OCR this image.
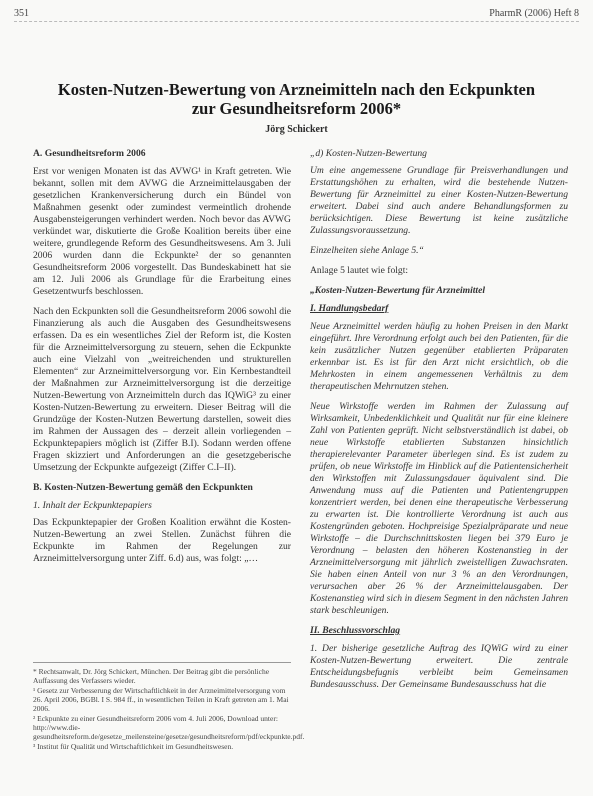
351	PharmR (2006) Heft 8
Kosten-Nutzen-Bewertung von Arzneimitteln nach den Eckpunkten
zur Gesundheitsreform 2006*
Jörg Schickert
A. Gesundheitsreform 2006

Erst vor wenigen Monaten ist das AVWG¹ in Kraft getreten. Wie bekannt, sollen mit dem AVWG die Arzneimittelausgaben der gesetzlichen Krankenversicherung durch ein Bündel von Maßnahmen gesenkt oder zumindest vermeintlich drohende Ausgabensteigerungen verhindert werden. Noch bevor das AVWG verkündet war, diskutierte die Große Koalition bereits über eine weitere, grundlegende Reform des Gesundheitswesens. Am 3. Juli 2006 wurden dann die Eckpunkte² der so genannten Gesundheitsreform 2006 vorgestellt. Das Bundeskabinett hat sie am 12. Juli 2006 als Grundlage für die Erarbeitung eines Gesetzentwurfs beschlossen.

Nach den Eckpunkten soll die Gesundheitsreform 2006 sowohl die Finanzierung als auch die Ausgaben des Gesundheitswesens erfassen. Da es ein wesentliches Ziel der Reform ist, die Kosten für die Arzneimittelversorgung zu steuern, sehen die Eckpunkte auch eine Vielzahl von „weitreichenden und strukturellen Elementen“ zur Arzneimittelversorgung vor. Ein Kernbestandteil der Maßnahmen zur Arzneimittelversorgung ist die derzeitige Nutzen-Bewertung von Arzneimitteln durch das IQWiG³ zu einer Kosten-Nutzen-Bewertung zu erweitern. Dieser Beitrag will die Grundzüge der Kosten-Nutzen Bewertung darstellen, soweit dies im Rahmen der Aussagen des – derzeit allein vorliegenden – Eckpunktepapiers möglich ist (Ziffer B.I). Sodann werden offene Fragen skizziert und Anforderungen an die gesetzgeberische Umsetzung der Eckpunkte aufgezeigt (Ziffer C.I–II).

B. Kosten-Nutzen-Bewertung gemäß den Eckpunkten
1. Inhalt der Eckpunktepapiers

Das Eckpunktepapier der Großen Koalition erwähnt die Kosten-Nutzen-Bewertung an zwei Stellen. Zunächst führen die Eckpunkte im Rahmen der Regelungen zur Arzneimittelversorgung unter Ziff. 6.d) aus, was folgt: „…

* Rechtsanwalt, Dr. Jörg Schickert, München. Der Beitrag gibt die persönliche Auffassung des Verfassers wieder.

¹ Gesetz zur Verbesserung der Wirtschaftlichkeit in der Arzneimittelversorgung vom 26. April 2006, BGBl. I S. 984 ff., in wesentlichen Teilen in Kraft getreten am 1. Mai 2006.

² Eckpunkte zu einer Gesundheitsreform 2006 vom 4. Juli 2006, Download unter: http://www.die-gesundheitsreform.de/gesetze_meilensteine/gesetze/gesundheitsreform/pdf/eckpunkte.pdf.

³ Institut für Qualität und Wirtschaftlichkeit im Gesundheitswesen.

„d) Kosten-Nutzen-Bewertung

Um eine angemessene Grundlage für Preisverhandlungen und Erstattungshöhen zu erhalten, wird die bestehende Nutzen-Bewertung für Arzneimittel zu einer Kosten-Nutzen-Bewertung erweitert. Dabei sind auch andere Behandlungsformen zu berücksichtigen. Diese Bewertung ist keine zusätzliche Zulassungsvoraussetzung.

Einzelheiten siehe Anlage 5.“

Anlage 5 lautet wie folgt:

„Kosten-Nutzen-Bewertung für Arzneimittel
I. Handlungsbedarf

Neue Arzneimittel werden häufig zu hohen Preisen in den Markt eingeführt. Ihre Verordnung erfolgt auch bei den Patienten, für die kein zusätzlicher Nutzen gegenüber etablierten Präparaten erkennbar ist. Es ist für den Arzt nicht ersichtlich, ob die Mehrkosten in einem angemessenen Verhältnis zu dem therapeutischen Mehrnutzen stehen.

Neue Wirkstoffe werden im Rahmen der Zulassung auf Wirksamkeit, Unbedenklichkeit und Qualität nur für eine kleinere Zahl von Patienten geprüft. Nicht selbstverständlich ist dabei, ob neue Wirkstoffe etablierten Substanzen hinsichtlich therapierelevanter Parameter überlegen sind. Es ist zudem zu prüfen, ob neue Wirkstoffe im Hinblick auf die Patientensicherheit den Wirkstoffen mit Zulassungsdauer äquivalent sind. Die Anwendung muss auf die Patienten und Patientengruppen konzentriert werden, bei denen eine therapeutische Verbesserung zu erwarten ist. Die kontrollierte Verordnung ist auch aus Kostengründen geboten. Hochpreisige Spezialpräparate und neue Wirkstoffe – die Durchschnittskosten liegen bei 379 Euro je Verordnung – belasten den höheren Kostenanstieg in der Arzneimittelversorgung mit jährlich zweistelligen Zuwachsraten. Sie haben einen Anteil von nur 3 % an den Verordnungen, verursachen aber 26 % der Arzneimittelausgaben. Der Kostenanstieg wird sich in diesem Segment in den nächsten Jahren stark beschleunigen.

II. Beschlussvorschlag

1. Der bisherige gesetzliche Auftrag des IQWiG wird zu einer Kosten-Nutzen-Bewertung erweitert. Die zentrale Entscheidungsbefugnis verbleibt beim Gemeinsamen Bundesausschuss. Der Gemeinsame Bundesausschuss hat die
